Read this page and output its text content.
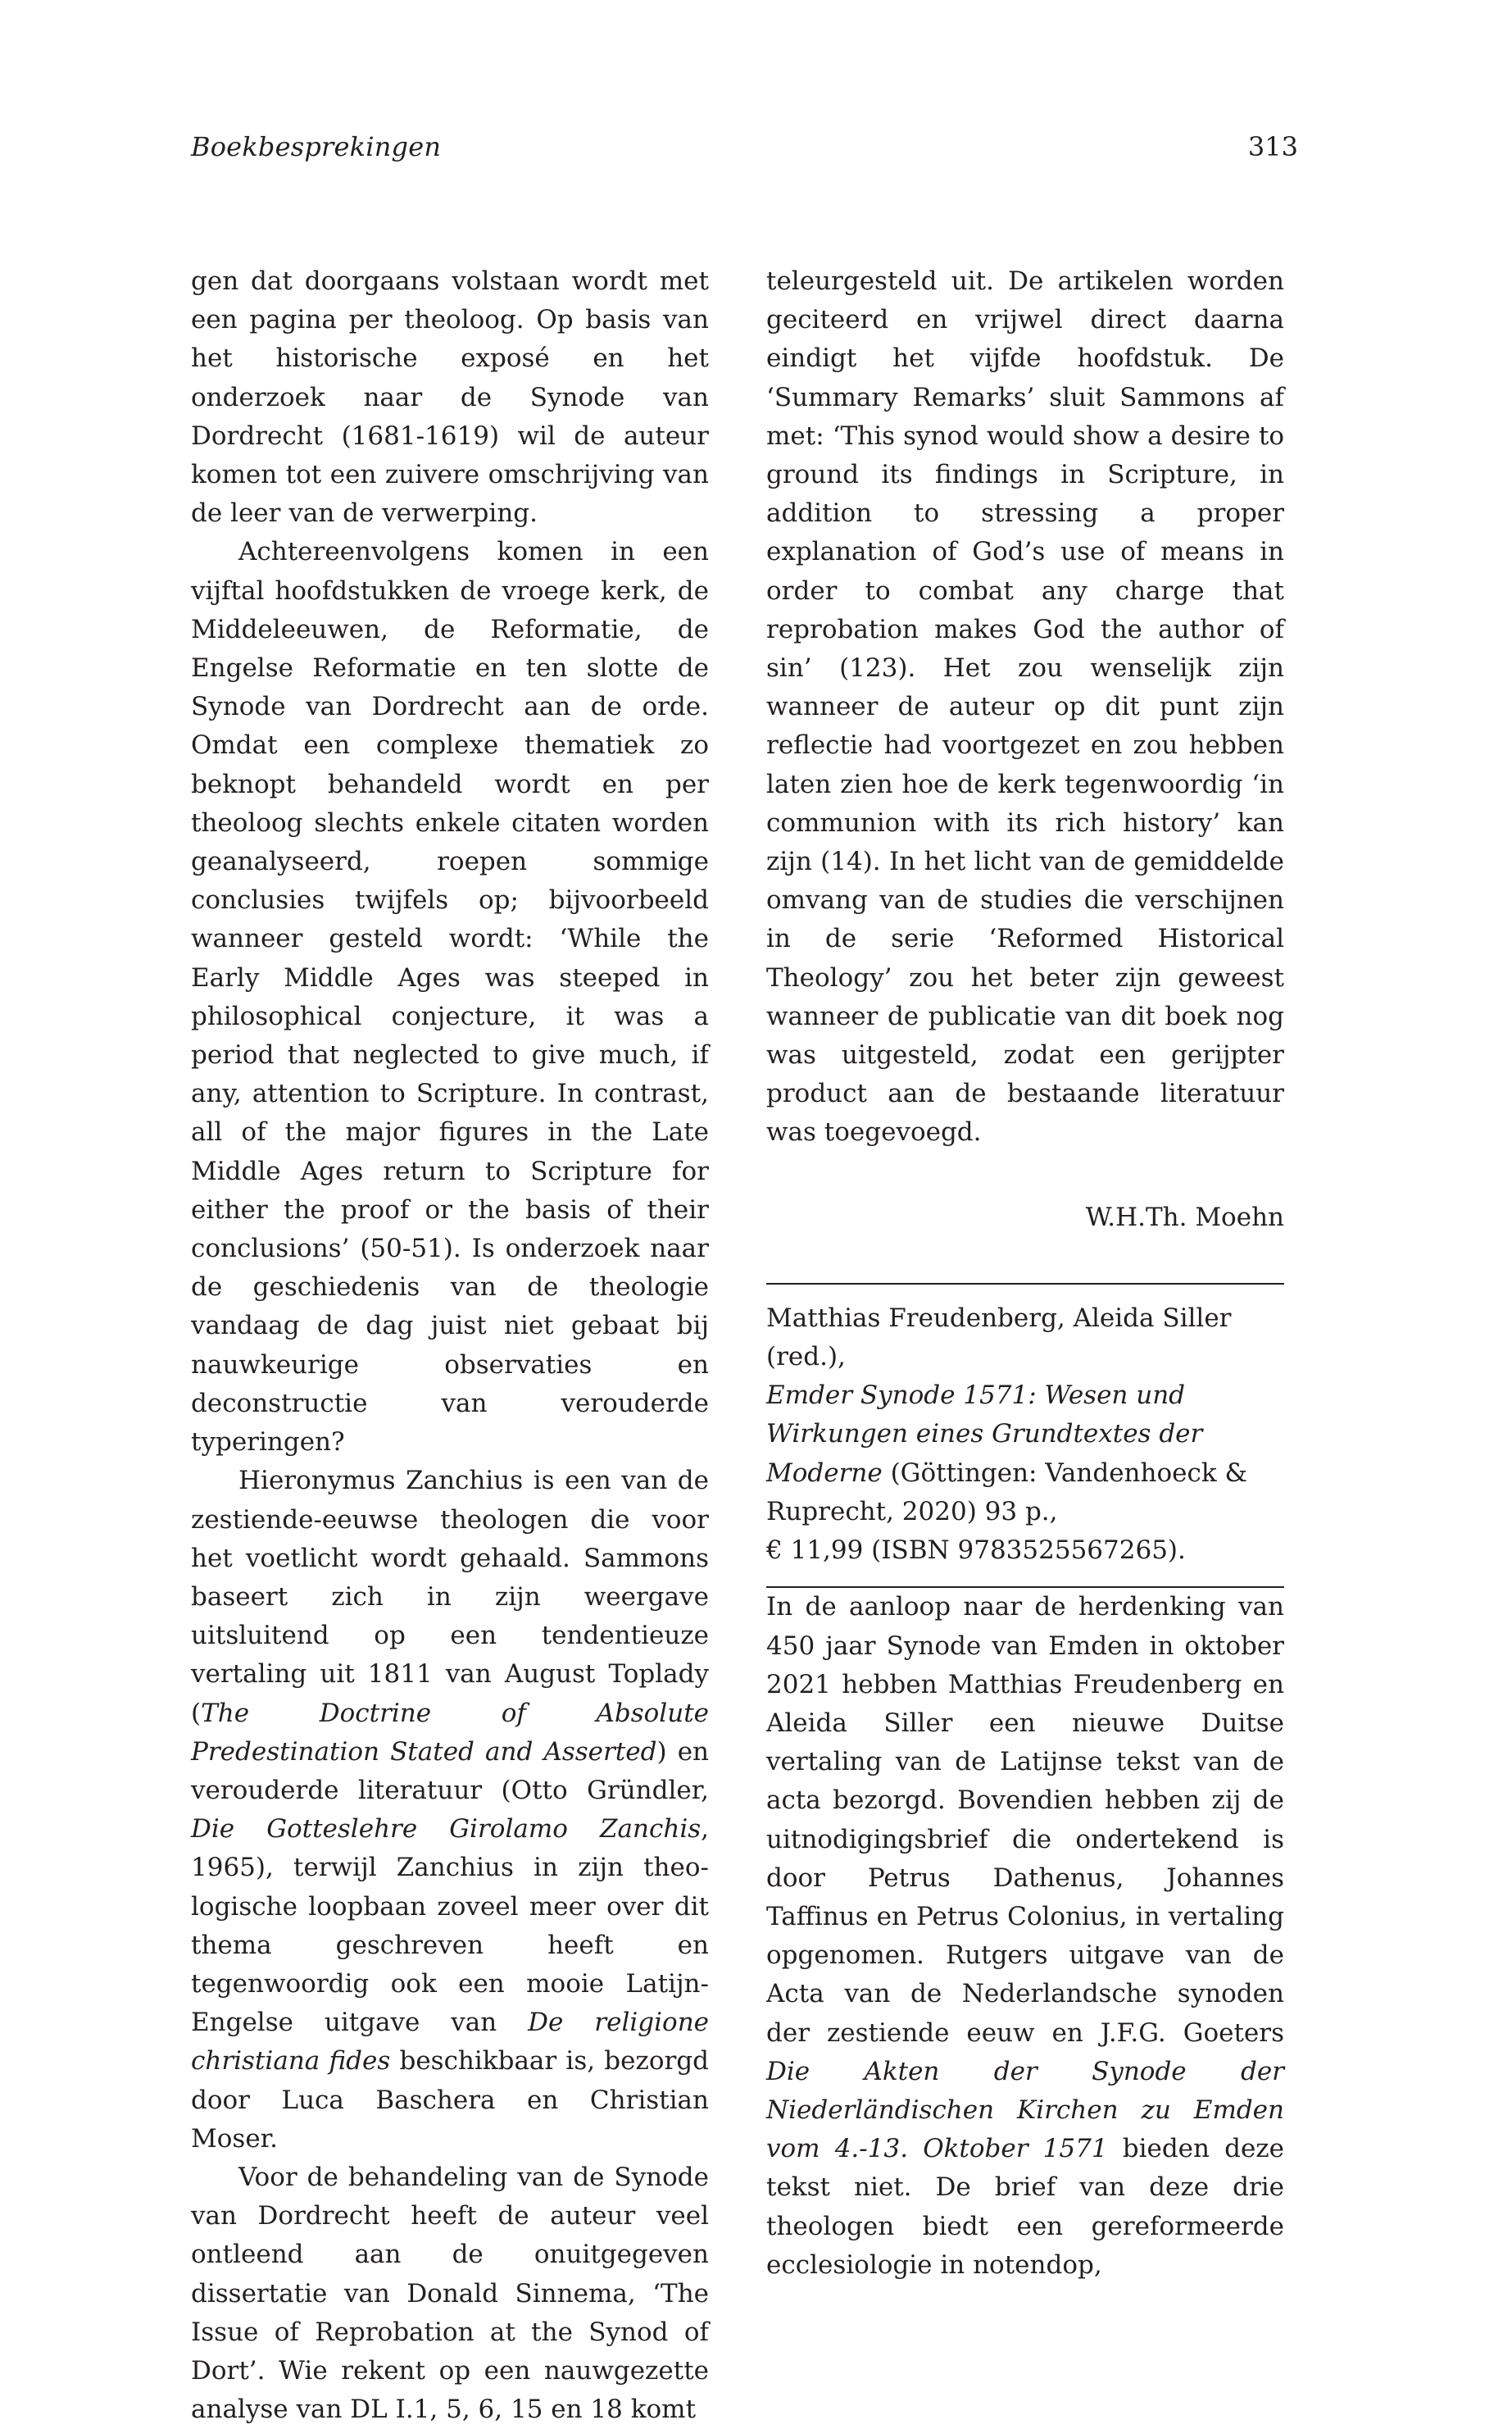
Boekbesprekingen	313

gen dat doorgaans volstaan wordt met een pagina per theoloog. Op basis van het historische exposé en het onderzoek naar de Synode van Dordrecht (1681-1619) wil de auteur komen tot een zuivere omschrijving van de leer van de verwerping.

Achtereenvolgens komen in een vijftal hoofdstukken de vroege kerk, de Middeleeuwen, de Reformatie, de Engelse Reformatie en ten slotte de Synode van Dordrecht aan de orde. Omdat een complexe thematiek zo beknopt behandeld wordt en per theoloog slechts enkele citaten worden geanalyseerd, roepen sommige conclusies twijfels op; bijvoorbeeld wanneer gesteld wordt: ‘While the Early Middle Ages was steeped in philosophical conjecture, it was a period that neglected to give much, if any, attention to Scripture. In contrast, all of the major figures in the Late Middle Ages return to Scripture for either the proof or the basis of their conclusions’ (50-51). Is onderzoek naar de geschiedenis van de theologie vandaag de dag juist niet gebaat bij nauwkeurige observaties en deconstructie van verouderde typeringen?

Hieronymus Zanchius is een van de zestiende-eeuwse theologen die voor het voetlicht wordt gehaald. Sammons baseert zich in zijn weergave uitsluitend op een tendentieuze vertaling uit 1811 van August Toplady (The Doctrine of Absolute Predestination Stated and Asserted) en verouderde literatuur (Otto Gründler, Die Gotteslehre Girolamo Zanchis, 1965), terwijl Zanchius in zijn theologische loopbaan zoveel meer over dit thema geschreven heeft en tegenwoordig ook een mooie Latijn-Engelse uitgave van De religione christiana fides beschikbaar is, bezorgd door Luca Baschera en Christian Moser.

Voor de behandeling van de Synode van Dordrecht heeft de auteur veel ontleend aan de onuitgegeven dissertatie van Donald Sinnema, ‘The Issue of Reprobation at the Synod of Dort’. Wie rekent op een nauwgezette analyse van DL I.1, 5, 6, 15 en 18 komt

teleurgesteld uit. De artikelen worden geciteerd en vrijwel direct daarna eindigt het vijfde hoofdstuk. De ‘Summary Remarks’ sluit Sammons af met: ‘This synod would show a desire to ground its findings in Scripture, in addition to stressing a proper explanation of God’s use of means in order to combat any charge that reprobation makes God the author of sin’ (123). Het zou wenselijk zijn wanneer de auteur op dit punt zijn reflectie had voortgezet en zou hebben laten zien hoe de kerk tegenwoordig ‘in communion with its rich history’ kan zijn (14). In het licht van de gemiddelde omvang van de studies die verschijnen in de serie ‘Reformed Historical Theology’ zou het beter zijn geweest wanneer de publicatie van dit boek nog was uitgesteld, zodat een gerijpter product aan de bestaande literatuur was toegevoegd.

W.H.Th. Moehn

Matthias Freudenberg, Aleida Siller (red.),
Emder Synode 1571: Wesen und Wirkungen eines Grundtextes der Moderne (Göttingen: Vandenhoeck & Ruprecht, 2020) 93 p.,
€ 11,99 (ISBN 9783525567265).

In de aanloop naar de herdenking van 450 jaar Synode van Emden in oktober 2021 hebben Matthias Freudenberg en Aleida Siller een nieuwe Duitse vertaling van de Latijnse tekst van de acta bezorgd. Bovendien hebben zij de uitnodigingsbrief die ondertekend is door Petrus Dathenus, Johannes Taffinus en Petrus Colonius, in vertaling opgenomen. Rutgers uitgave van de Acta van de Nederlandsche synoden der zestiende eeuw en J.F.G. Goeters Die Akten der Synode der Niederländischen Kirchen zu Emden vom 4.-13. Oktober 1571 bieden deze tekst niet. De brief van deze drie theologen biedt een gereformeerde ecclesiologie in notendop,
